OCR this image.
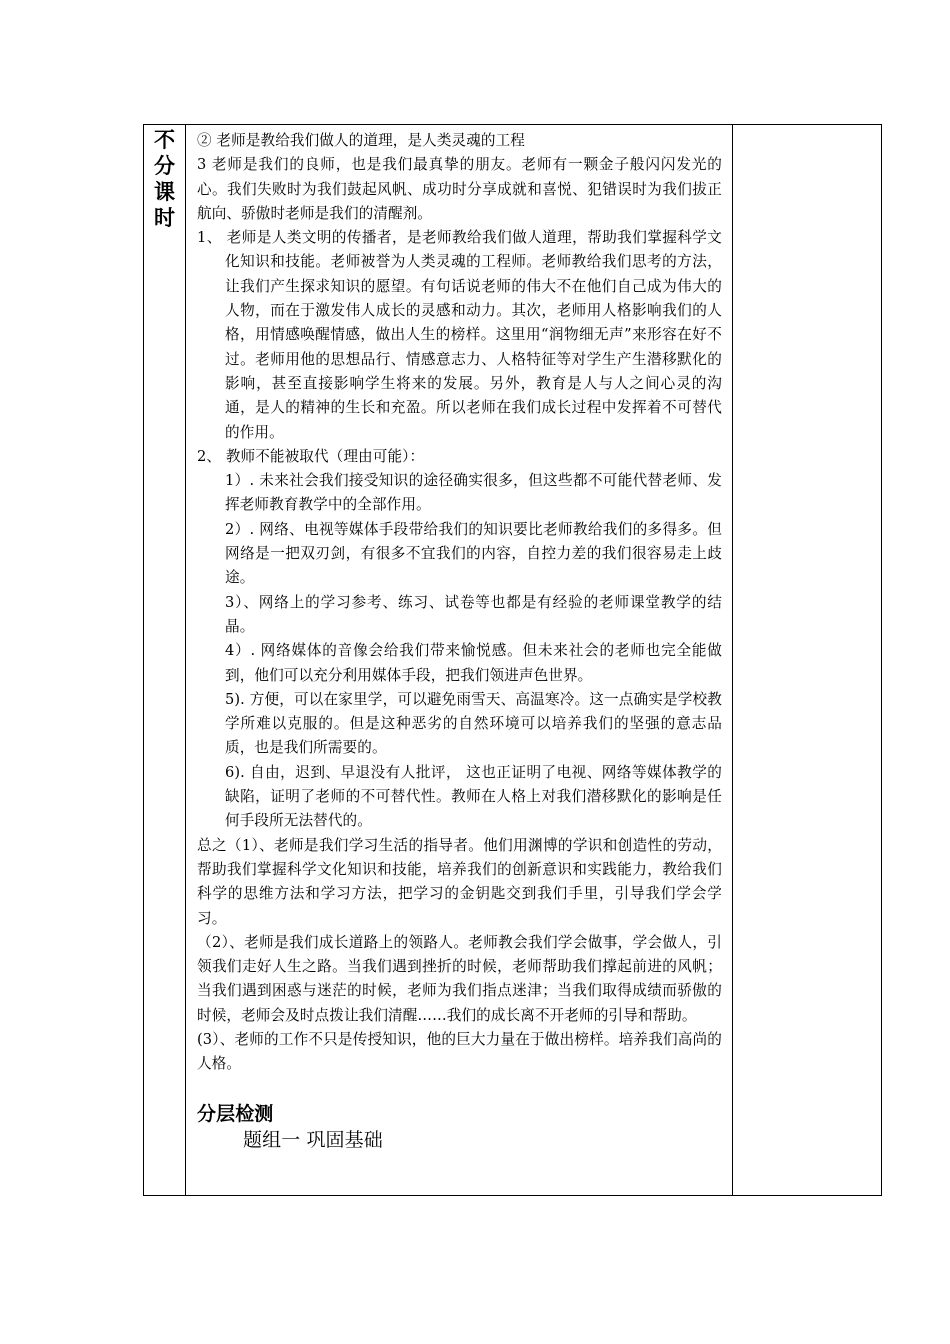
不分课时

② 老师是教给我们做人的道理，是人类灵魂的工程

3 老师是我们的良师，也是我们最真挚的朋友。老师有一颗金子般闪闪发光的心。我们失败时为我们鼓起风帆、成功时分享成就和喜悦、犯错误时为我们拔正航向、骄傲时老师是我们的清醒剂。

1、 老师是人类文明的传播者，是老师教给我们做人道理，帮助我们掌握科学文化知识和技能。老师被誉为人类灵魂的工程师。老师教给我们思考的方法，让我们产生探求知识的愿望。有句话说老师的伟大不在他们自己成为伟大的人物，而在于激发伟人成长的灵感和动力。其次，老师用人格影响我们的人格，用情感唤醒情感，做出人生的榜样。这里用“润物细无声”来形容在好不过。老师用他的思想品行、情感意志力、人格特征等对学生产生潜移默化的影响，甚至直接影响学生将来的发展。另外，教育是人与人之间心灵的沟通，是人的精神的生长和充盈。所以老师在我们成长过程中发挥着不可替代的作用。

2、 教师不能被取代（理由可能）：

1）. 未来社会我们接受知识的途径确实很多，但这些都不可能代替老师、发挥老师教育教学中的全部作用。

2）. 网络、电视等媒体手段带给我们的知识要比老师教给我们的多得多。但网络是一把双刃剑，有很多不宜我们的内容，自控力差的我们很容易走上歧途。

3）、网络上的学习参考、练习、试卷等也都是有经验的老师课堂教学的结晶。

4）. 网络媒体的音像会给我们带来愉悦感。但未来社会的老师也完全能做到，他们可以充分利用媒体手段，把我们领进声色世界。

5). 方便，可以在家里学，可以避免雨雪天、高温寒冷。这一点确实是学校教学所难以克服的。但是这种恶劣的自然环境可以培养我们的坚强的意志品质，也是我们所需要的。

6). 自由，迟到、早退没有人批评， 这也正证明了电视、网络等媒体教学的缺陷，证明了老师的不可替代性。教师在人格上对我们潜移默化的影响是任何手段所无法替代的。

总之（1）、老师是我们学习生活的指导者。他们用渊博的学识和创造性的劳动，帮助我们掌握科学文化知识和技能，培养我们的创新意识和实践能力，教给我们科学的思维方法和学习方法，把学习的金钥匙交到我们手里，引导我们学会学习。

（2）、老师是我们成长道路上的领路人。老师教会我们学会做事，学会做人，引领我们走好人生之路。当我们遇到挫折的时候，老师帮助我们撑起前进的风帆；当我们遇到困惑与迷茫的时候，老师为我们指点迷津；当我们取得成绩而骄傲的时候，老师会及时点拨让我们清醒……我们的成长离不开老师的引导和帮助。

(3）、老师的工作不只是传授知识，他的巨大力量在于做出榜样。培养我们高尚的人格。

分层检测

题组一 巩固基础
